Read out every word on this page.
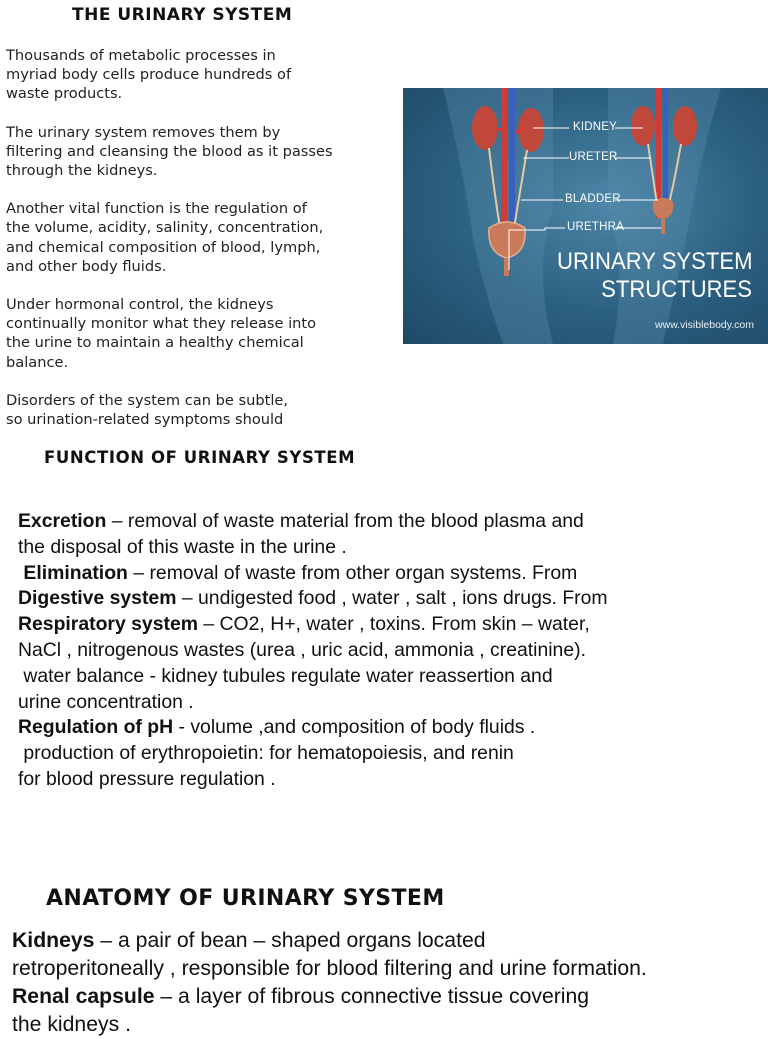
THE URINARY SYSTEM

Thousands of metabolic processes in
myriad body cells produce hundreds of
waste products.

The urinary system removes them by
filtering and cleansing the blood as it passes
through the kidneys.

Another vital function is the regulation of
the volume, acidity, salinity, concentration,
and chemical composition of blood, lymph,
and other body fluids.

Under hormonal control, the kidneys
continually monitor what they release into
the urine to maintain a healthy chemical
balance.

Disorders of the system can be subtle,
so urination-related symptoms should

KIDNEY
URETER
BLADDER
URETHRA
URINARY SYSTEM
STRUCTURES
www.visiblebody.com
FUNCTION OF URINARY SYSTEM
Excretion – removal of waste material from the blood plasma and
the disposal of this waste in the urine .
Elimination – removal of waste from other organ systems. From
Digestive system – undigested food , water , salt , ions drugs. From
Respiratory system – CO2, H+, water , toxins. From skin – water,
NaCl , nitrogenous wastes (urea , uric acid, ammonia , creatinine).
water balance - kidney tubules regulate water reassertion and
urine concentration .
Regulation of pH - volume ,and composition of body fluids .
production of erythropoietin: for hematopoiesis, and renin
for blood pressure regulation .
ANATOMY OF URINARY SYSTEM
Kidneys – a pair of bean – shaped organs located
retroperitoneally , responsible for blood filtering and urine formation.
Renal capsule – a layer of fibrous connective tissue covering
the kidneys .
